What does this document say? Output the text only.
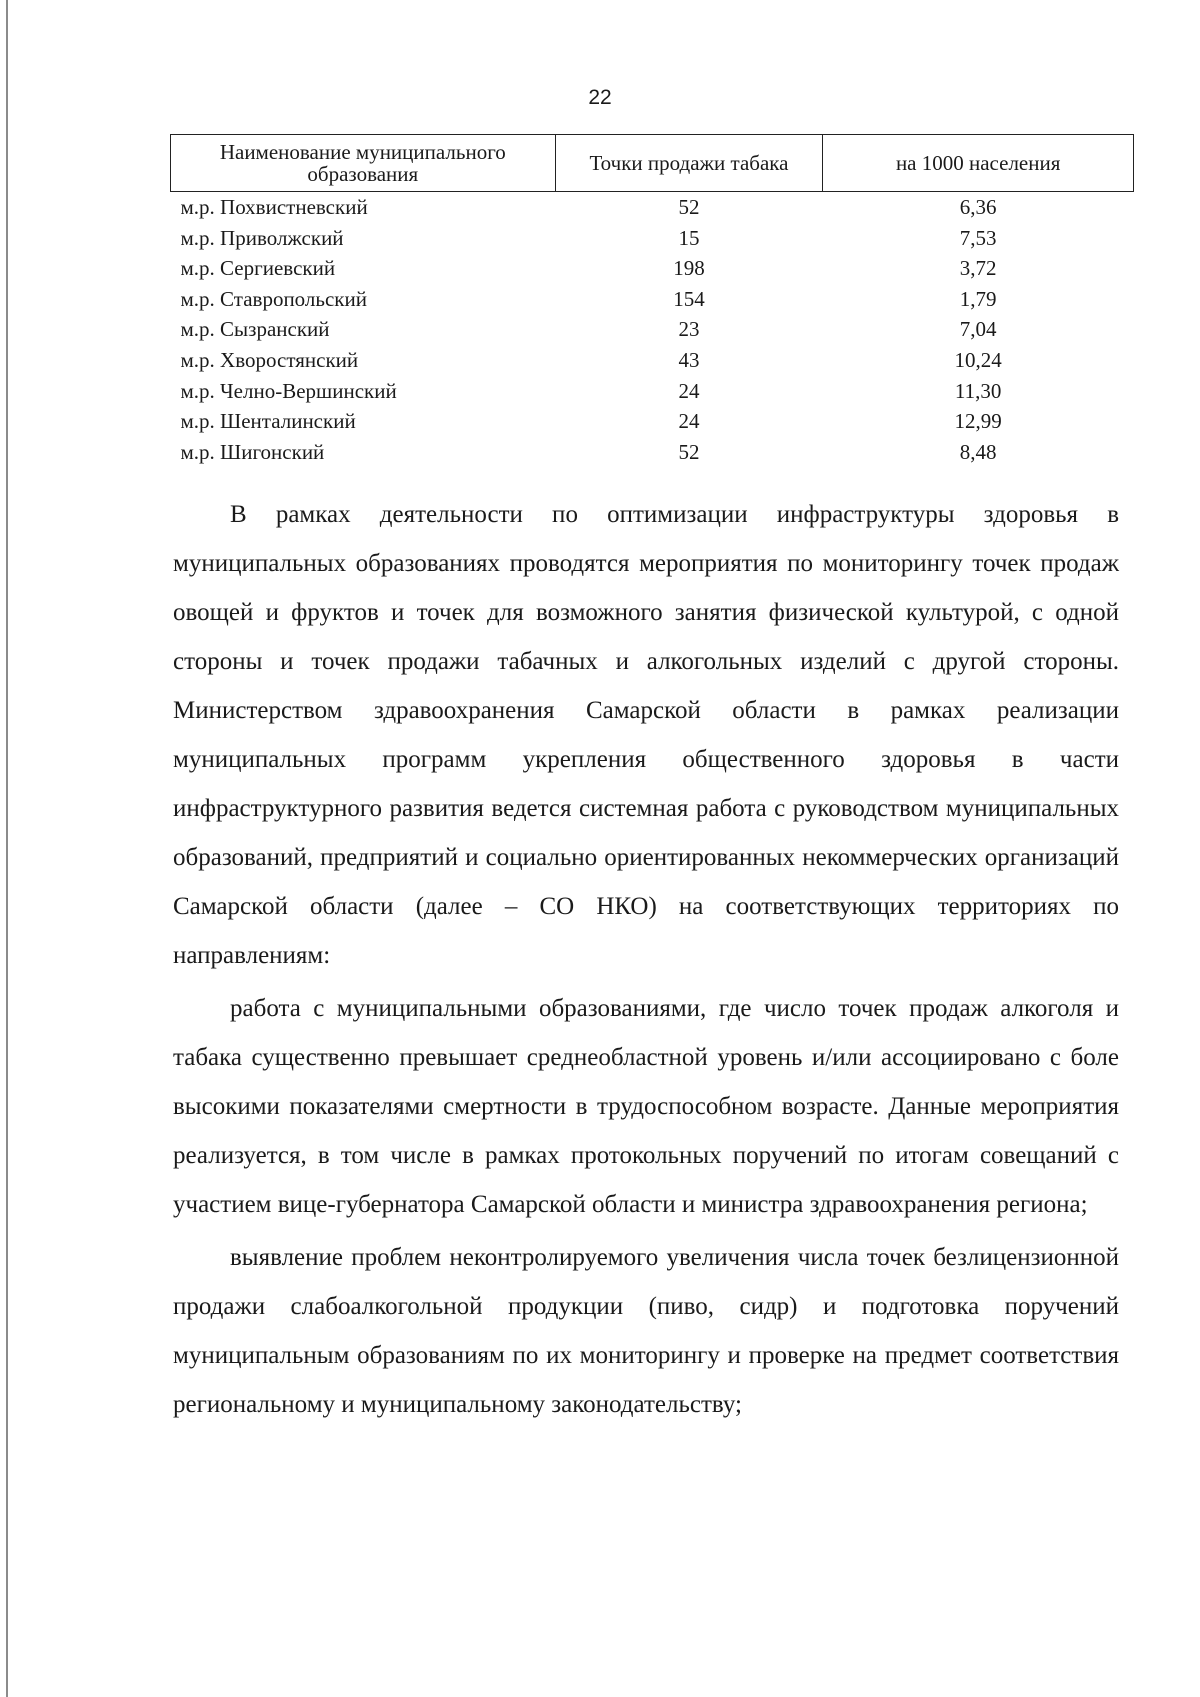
22
Наименование муниципального образования	Точки продажи табака	на 1000 населения
м.р. Похвистневский	52	6,36
м.р. Приволжский	15	7,53
м.р. Сергиевский	198	3,72
м.р. Ставропольский	154	1,79
м.р. Сызранский	23	7,04
м.р. Хворостянский	43	10,24
м.р. Челно-Вершинский	24	11,30
м.р. Шенталинский	24	12,99
м.р. Шигонский	52	8,48

В рамках деятельности по оптимизации инфраструктуры здоровья в муниципальных образованиях проводятся мероприятия по мониторингу точек продаж овощей и фруктов и точек для возможного занятия физической культурой, с одной стороны и точек продажи табачных и алкогольных изделий с другой стороны. Министерством здравоохранения Самарской области в рамках реализации муниципальных программ укрепления общественного здоровья в части инфраструктурного развития ведется системная работа с руководством муниципальных образований, предприятий и социально ориентированных некоммерческих организаций Самарской области (далее – СО НКО) на соответствующих территориях по направлениям:

работа с муниципальными образованиями, где число точек продаж алкоголя и табака существенно превышает среднеобластной уровень и/или ассоциировано с боле высокими показателями смертности в трудоспособном возрасте. Данные мероприятия реализуется, в том числе в рамках протокольных поручений по итогам совещаний с участием вице-губернатора Самарской области и министра здравоохранения региона;

выявление проблем неконтролируемого увеличения числа точек безлицензионной продажи слабоалкогольной продукции (пиво, сидр) и подготовка поручений муниципальным образованиям по их мониторингу и проверке на предмет соответствия региональному и муниципальному законодательству;
